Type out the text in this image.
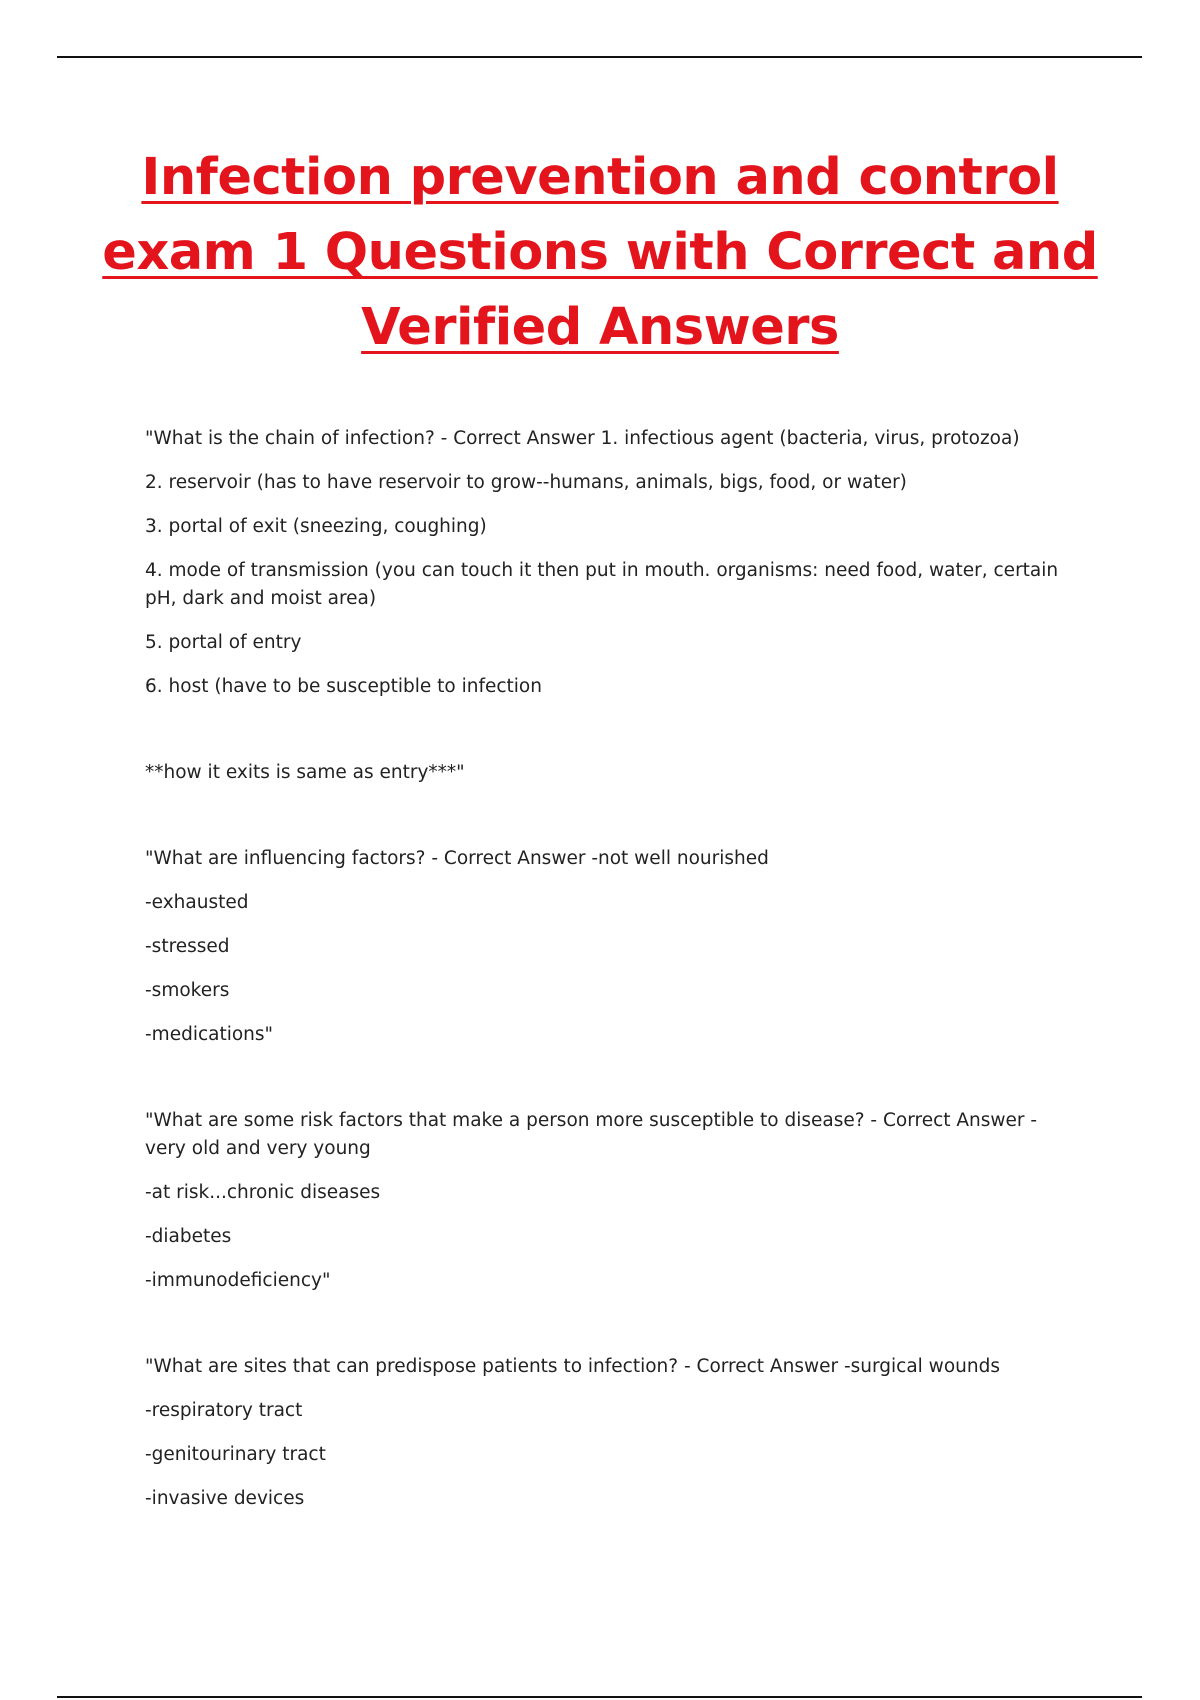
Infection prevention and control
exam 1 Questions with Correct and
Verified Answers

"What is the chain of infection? - Correct Answer 1. infectious agent (bacteria, virus, protozoa)

2. reservoir (has to have reservoir to grow--humans, animals, bigs, food, or water)

3. portal of exit (sneezing, coughing)

4. mode of transmission (you can touch it then put in mouth. organisms: need food, water, certain pH, dark and moist area)

5. portal of entry

6. host (have to be susceptible to infection

**how it exits is same as entry***"

"What are influencing factors? - Correct Answer -not well nourished

-exhausted

-stressed

-smokers

-medications"

"What are some risk factors that make a person more susceptible to disease? - Correct Answer -very old and very young

-at risk...chronic diseases

-diabetes

-immunodeficiency"

"What are sites that can predispose patients to infection? - Correct Answer -surgical wounds

-respiratory tract

-genitourinary tract

-invasive devices
